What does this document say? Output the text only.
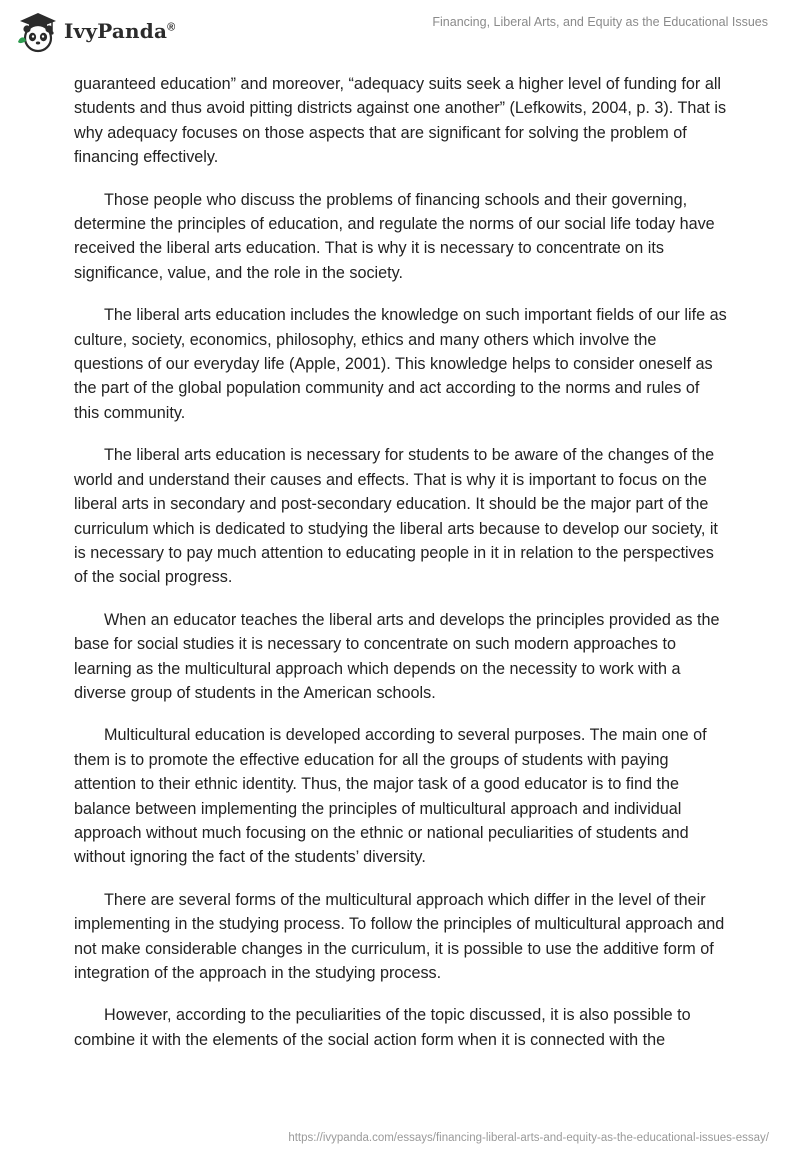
IvyPanda®	Financing, Liberal Arts, and Equity as the Educational Issues

guaranteed education” and moreover, “adequacy suits seek a higher level of funding for all students and thus avoid pitting districts against one another” (Lefkowits, 2004, p. 3). That is why adequacy focuses on those aspects that are significant for solving the problem of financing effectively.

Those people who discuss the problems of financing schools and their governing, determine the principles of education, and regulate the norms of our social life today have received the liberal arts education. That is why it is necessary to concentrate on its significance, value, and the role in the society.

The liberal arts education includes the knowledge on such important fields of our life as culture, society, economics, philosophy, ethics and many others which involve the questions of our everyday life (Apple, 2001). This knowledge helps to consider oneself as the part of the global population community and act according to the norms and rules of this community.

The liberal arts education is necessary for students to be aware of the changes of the world and understand their causes and effects. That is why it is important to focus on the liberal arts in secondary and post-secondary education. It should be the major part of the curriculum which is dedicated to studying the liberal arts because to develop our society, it is necessary to pay much attention to educating people in it in relation to the perspectives of the social progress.

When an educator teaches the liberal arts and develops the principles provided as the base for social studies it is necessary to concentrate on such modern approaches to learning as the multicultural approach which depends on the necessity to work with a diverse group of students in the American schools.

Multicultural education is developed according to several purposes. The main one of them is to promote the effective education for all the groups of students with paying attention to their ethnic identity. Thus, the major task of a good educator is to find the balance between implementing the principles of multicultural approach and individual approach without much focusing on the ethnic or national peculiarities of students and without ignoring the fact of the students’ diversity.

There are several forms of the multicultural approach which differ in the level of their implementing in the studying process. To follow the principles of multicultural approach and not make considerable changes in the curriculum, it is possible to use the additive form of integration of the approach in the studying process.

However, according to the peculiarities of the topic discussed, it is also possible to combine it with the elements of the social action form when it is connected with the

https://ivypanda.com/essays/financing-liberal-arts-and-equity-as-the-educational-issues-essay/
